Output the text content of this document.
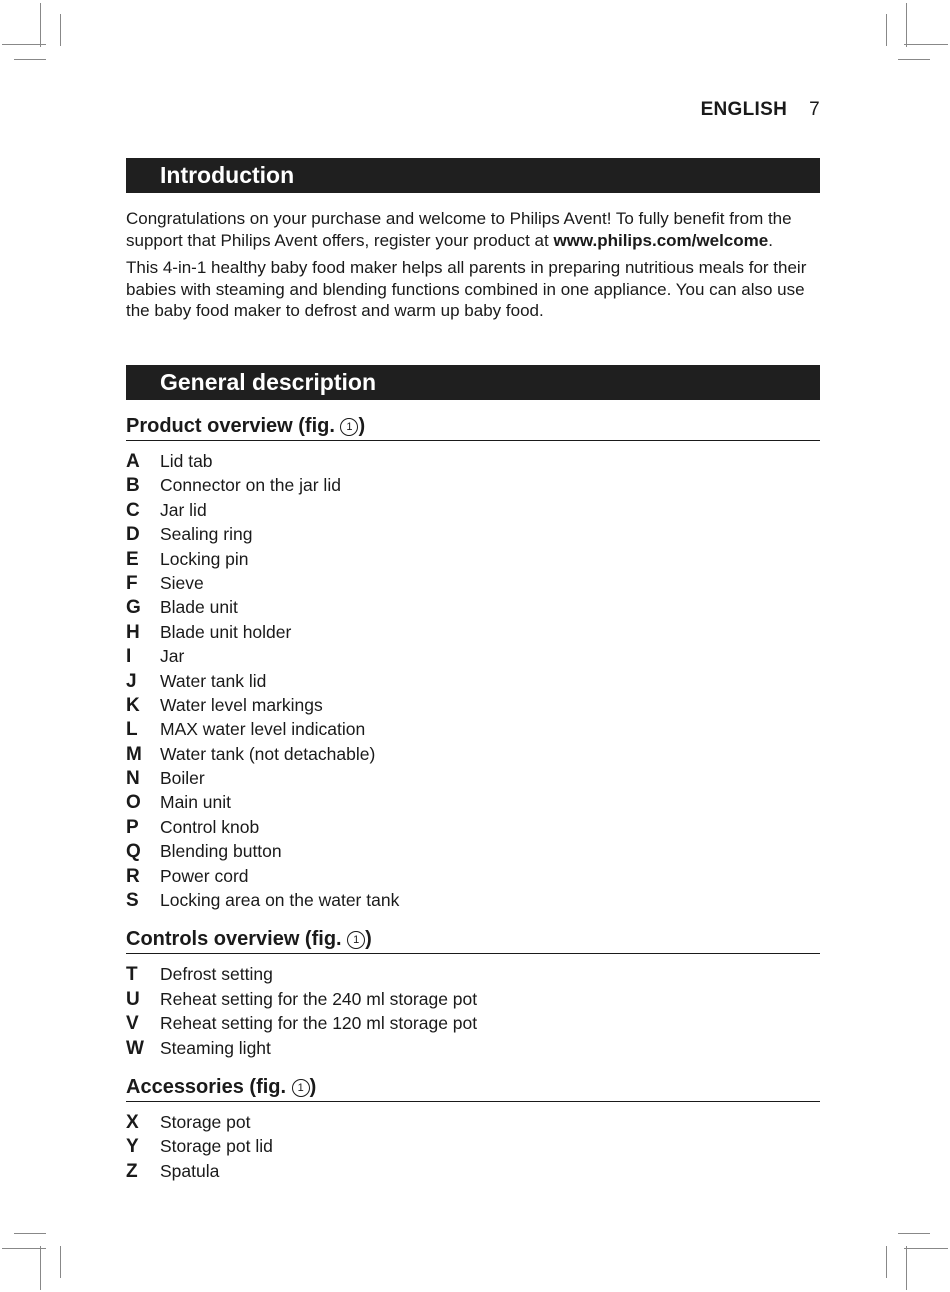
ENGLISH 7
Introduction

Congratulations on your purchase and welcome to Philips Avent! To fully benefit from the support that Philips Avent offers, register your product at www.philips.com/welcome.

This 4-in-1 healthy baby food maker helps all parents in preparing nutritious meals for their babies with steaming and blending functions combined in one appliance. You can also use the baby food maker to defrost and warm up baby food.

General description
Product overview (fig. 1 )
A Lid tab
B Connector on the jar lid
C Jar lid
D Sealing ring
E Locking pin
F Sieve
G Blade unit
H Blade unit holder
I Jar
J Water tank lid
K Water level markings
L MAX water level indication
M Water tank (not detachable)
N Boiler
O Main unit
P Control knob
Q Blending button
R Power cord
S Locking area on the water tank
Controls overview (fig. 1 )
T Defrost setting
U Reheat setting for the 240 ml storage pot
V Reheat setting for the 120 ml storage pot
W Steaming light
Accessories (fig. 1 )
X Storage pot
Y Storage pot lid
Z Spatula
